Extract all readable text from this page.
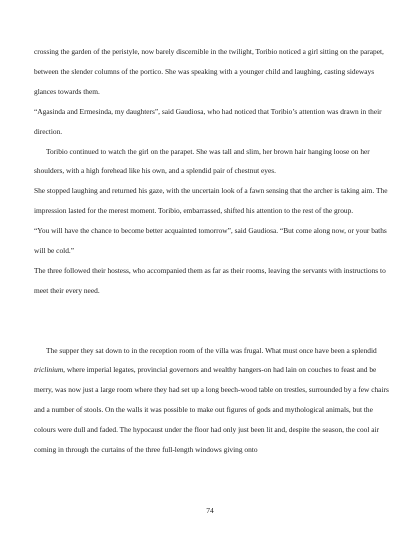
crossing the garden of the peristyle, now barely discernible in the twilight, Toribio noticed a girl sitting on the parapet, between the slender columns of the portico. She was speaking with a younger child and laughing, casting sideways glances towards them.

“Agasinda and Ermesinda, my daughters”, said Gaudiosa, who had noticed that Toribio’s attention was drawn in their direction.

Toribio continued to watch the girl on the parapet. She was tall and slim, her brown hair hanging loose on her shoulders, with a high forehead like his own, and a splendid pair of chestnut eyes.

She stopped laughing and returned his gaze, with the uncertain look of a fawn sensing that the archer is taking aim. The impression lasted for the merest moment. Toribio, embarrassed, shifted his attention to the rest of the group.

“You will have the chance to become better acquainted tomorrow”, said Gaudiosa. “But come along now, or your baths will be cold.”

The three followed their hostess, who accompanied them as far as their rooms, leaving the servants with instructions to meet their every need.

The supper they sat down to in the reception room of the villa was frugal. What must once have been a splendid triclinium, where imperial legates, provincial governors and wealthy hangers-on had lain on couches to feast and be merry, was now just a large room where they had set up a long beech-wood table on trestles, surrounded by a few chairs and a number of stools. On the walls it was possible to make out figures of gods and mythological animals, but the colours were dull and faded. The hypocaust under the floor had only just been lit and, despite the season, the cool air coming in through the curtains of the three full-length windows giving onto

74
